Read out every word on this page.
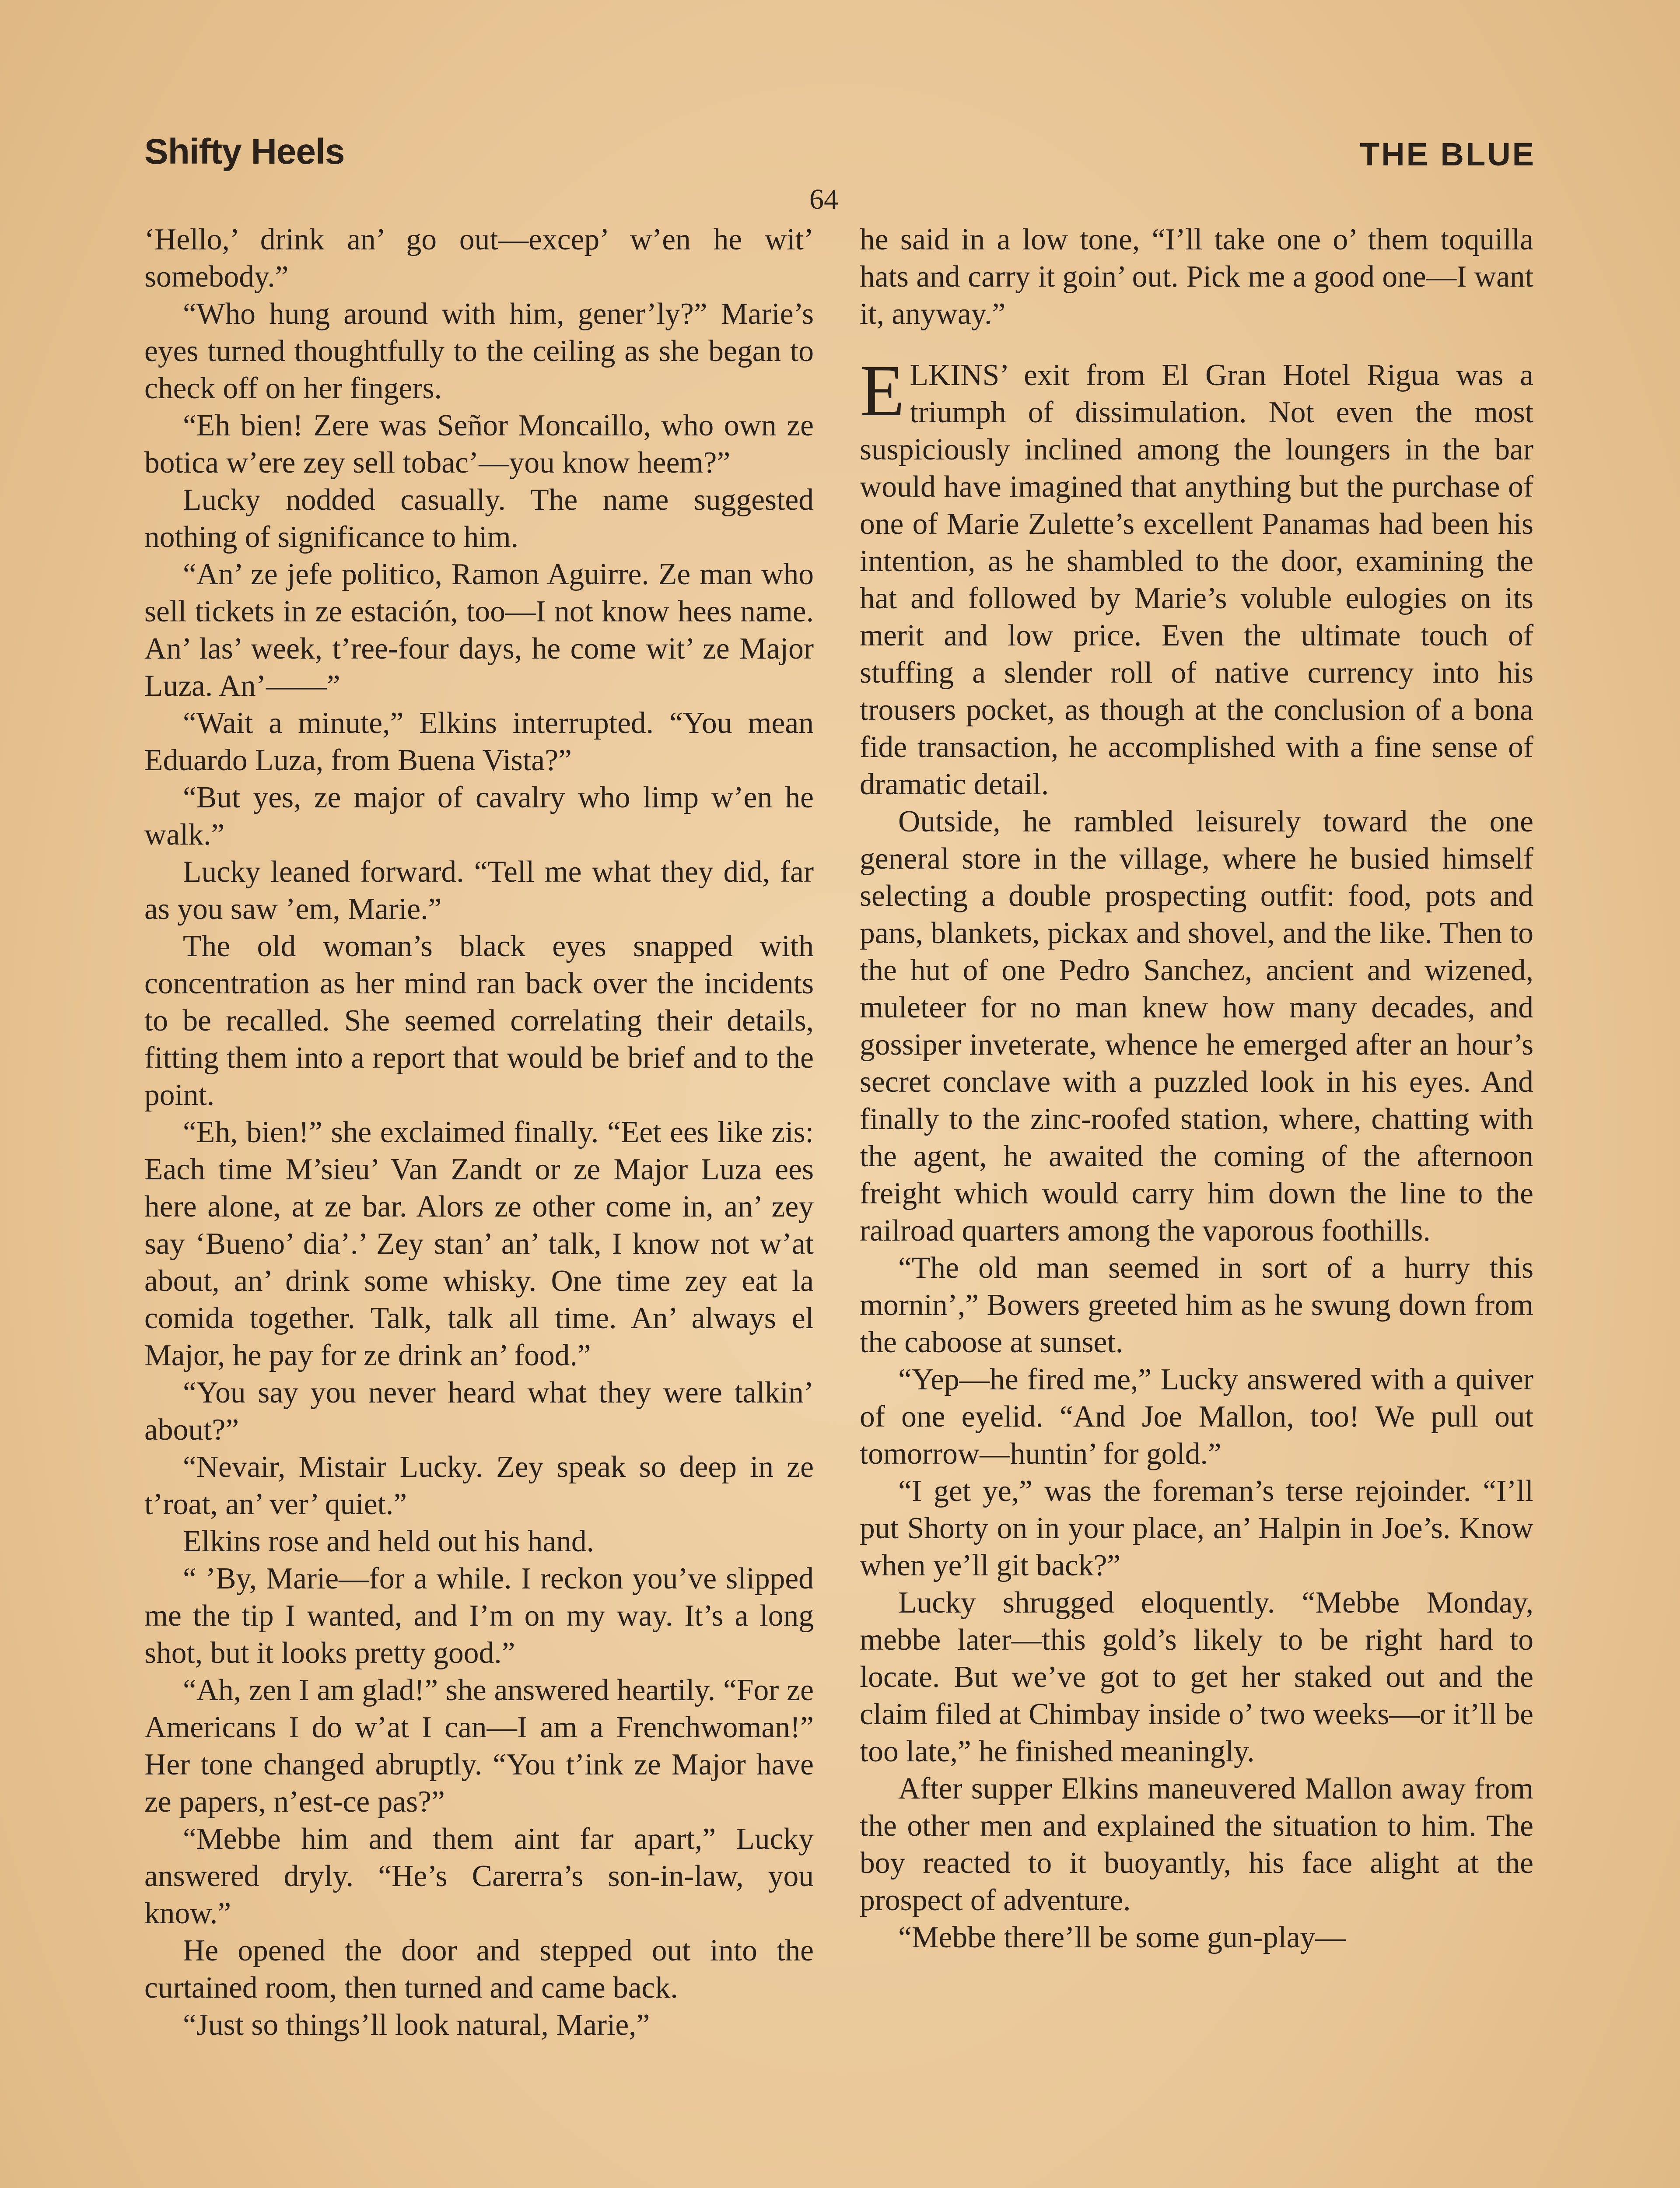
Shifty Heels	THE BLUE
64

‘Hello,’ drink an’ go out—excep’ w’en he wit’ somebody.”

“Who hung around with him, gener’ly?” Marie’s eyes turned thoughtfully to the ceiling as she began to check off on her fingers.

“Eh bien! Zere was Señor Moncaillo, who own ze botica w’ere zey sell tobac’—you know heem?”

Lucky nodded casually. The name suggested nothing of significance to him.

“An’ ze jefe politico, Ramon Aguirre. Ze man who sell tickets in ze estación, too—I not know hees name. An’ las’ week, t’ree-four days, he come wit’ ze Major Luza. An’——”

“Wait a minute,” Elkins interrupted. “You mean Eduardo Luza, from Buena Vista?”

“But yes, ze major of cavalry who limp w’en he walk.”

Lucky leaned forward. “Tell me what they did, far as you saw ’em, Marie.”

The old woman’s black eyes snapped with concentration as her mind ran back over the incidents to be recalled. She seemed correlating their details, fitting them into a report that would be brief and to the point.

“Eh, bien!” she exclaimed finally. “Eet ees like zis: Each time M’sieu’ Van Zandt or ze Major Luza ees here alone, at ze bar. Alors ze other come in, an’ zey say ‘Bueno’ dia’.’ Zey stan’ an’ talk, I know not w’at about, an’ drink some whisky. One time zey eat la comida together. Talk, talk all time. An’ always el Major, he pay for ze drink an’ food.”

“You say you never heard what they were talkin’ about?”

“Nevair, Mistair Lucky. Zey speak so deep in ze t’roat, an’ ver’ quiet.”

Elkins rose and held out his hand.

“ ’By, Marie—for a while. I reckon you’ve slipped me the tip I wanted, and I’m on my way. It’s a long shot, but it looks pretty good.”

“Ah, zen I am glad!” she answered heartily. “For ze Americans I do w’at I can—I am a Frenchwoman!” Her tone changed abruptly. “You t’ink ze Major have ze papers, n’est-ce pas?”

“Mebbe him and them aint far apart,” Lucky answered dryly. “He’s Carerra’s son-in-law, you know.”

He opened the door and stepped out into the curtained room, then turned and came back.

“Just so things’ll look natural, Marie,”

he said in a low tone, “I’ll take one o’ them toquilla hats and carry it goin’ out. Pick me a good one—I want it, anyway.”

ELKINS’ exit from El Gran Hotel Rigua was a triumph of dissimulation. Not even the most suspiciously inclined among the loungers in the bar would have imagined that anything but the purchase of one of Marie Zulette’s excellent Panamas had been his intention, as he shambled to the door, examining the hat and followed by Marie’s voluble eulogies on its merit and low price. Even the ultimate touch of stuffing a slender roll of native currency into his trousers pocket, as though at the conclusion of a bona fide transaction, he accomplished with a fine sense of dramatic detail.

Outside, he rambled leisurely toward the one general store in the village, where he busied himself selecting a double prospecting outfit: food, pots and pans, blankets, pickax and shovel, and the like. Then to the hut of one Pedro Sanchez, ancient and wizened, muleteer for no man knew how many decades, and gossiper inveterate, whence he emerged after an hour’s secret conclave with a puzzled look in his eyes. And finally to the zinc-roofed station, where, chatting with the agent, he awaited the coming of the afternoon freight which would carry him down the line to the railroad quarters among the vaporous foothills.

“The old man seemed in sort of a hurry this mornin’,” Bowers greeted him as he swung down from the caboose at sunset.

“Yep—he fired me,” Lucky answered with a quiver of one eyelid. “And Joe Mallon, too! We pull out tomorrow—huntin’ for gold.”

“I get ye,” was the foreman’s terse rejoinder. “I’ll put Shorty on in your place, an’ Halpin in Joe’s. Know when ye’ll git back?”

Lucky shrugged eloquently. “Mebbe Monday, mebbe later—this gold’s likely to be right hard to locate. But we’ve got to get her staked out and the claim filed at Chimbay inside o’ two weeks—or it’ll be too late,” he finished meaningly.

After supper Elkins maneuvered Mallon away from the other men and explained the situation to him. The boy reacted to it buoyantly, his face alight at the prospect of adventure.

“Mebbe there’ll be some gun-play—
